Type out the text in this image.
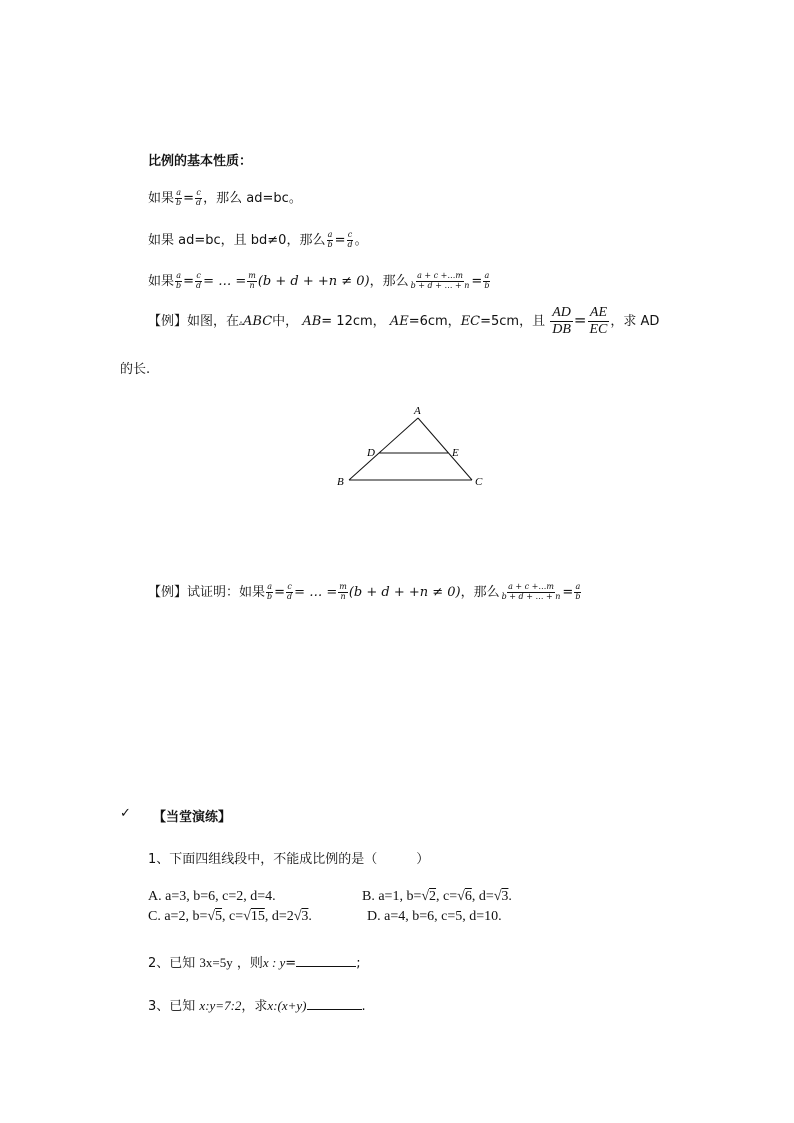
比例的基本性质：
如果 $\frac{a}{b} = \frac{c}{d}$ ，那么 ad=bc。
如果 ad=bc，且 bd≠0，那么 $\frac{a}{b} = \frac{c}{d}$ 。
如果 $\frac{a}{b} = \frac{c}{d}$ = … = $\frac{m}{n} (b + d + +n \ne 0)$，那么 $\frac{a + c +\dots m}{b + d + \dots + n} = \frac{a}{b}$
【例】如图，在▵ABC中， AB= 12cm， AE=6cm，EC=5cm，且 $\frac{AD}{DB} = \frac{AE}{EC}$ ，求 AD
的长.
A
B	C
D	E
【例】试证明：如果 $\frac{a}{b} = \frac{c}{d}$ = … = $\frac{m}{n} (b + d + +n \ne 0)$，那么 $\frac{a + c +\dots m}{b + d + \dots + n} = \frac{a}{b}$
✓ 【当堂演练】
1、下面四组线段中，不能成比例的是（　　　）
A. a=3, b=6, c=2, d=4.	B. a=1, b=√2, c=√6, d=√3.
C. a=2, b=√5, c=√15, d=2√3.	D. a=4, b=6, c=5, d=10.
2、已知 3x=5y ，则x : y=	;
3、已知 x:y=7:2，求x:(x+y)	.
